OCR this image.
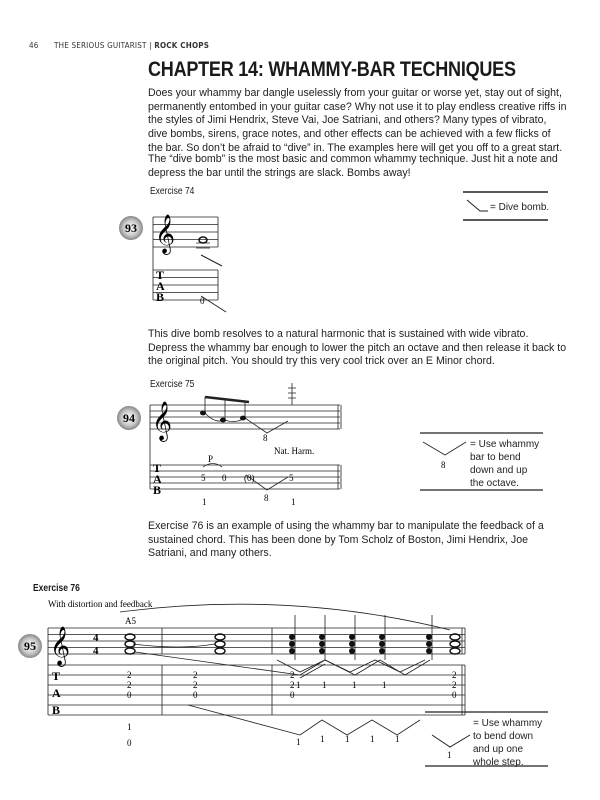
46 THE SERIOUS GUITARIST | ROCK CHOPS
CHAPTER 14: WHAMMY-BAR TECHNIQUES
Does your whammy bar dangle uselessly from your guitar or worse yet, stay out of sight, permanently entombed in your guitar case? Why not use it to play endless creative riffs in the styles of Jimi Hendrix, Steve Vai, Joe Satriani, and others? Many types of vibrato, dive bombs, sirens, grace notes, and other effects can be achieved with a few flicks of the bar. So don’t be afraid to “dive” in. The examples here will get you off to a great start.
The “dive bomb” is the most basic and common whammy technique. Just hit a note and depress the bar until the strings are slack. Bombs away!
This dive bomb resolves to a natural harmonic that is sustained with wide vibrato. Depress the whammy bar enough to lower the pitch an octave and then release it back to the original pitch. You should try this very cool trick over an E Minor chord.
Exercise 76 is an example of using the whammy bar to manipulate the feedback of a sustained chord. This has been done by Tom Scholz of Boston, Jimi Hendrix, Joe Satriani, and many others.
Exercise 74
Exercise 75
Exercise 76
𝄞
𝄞
𝄞
T
A
B
T
A
B
T
A
B
0
8
Nat. Harm.
P
5 0 (0)	5
8
1	1
8
With distortion and feedback
A5
4
4
2
2
0
2
2
0
2
2
0
2
2
0
1
0
1 1	1	1
1 1 1 1 1
1
93
94
95
= Dive bomb.
= Use whammy bar to bend down and up the octave.
= Use whammy to bend down and up one whole step.
